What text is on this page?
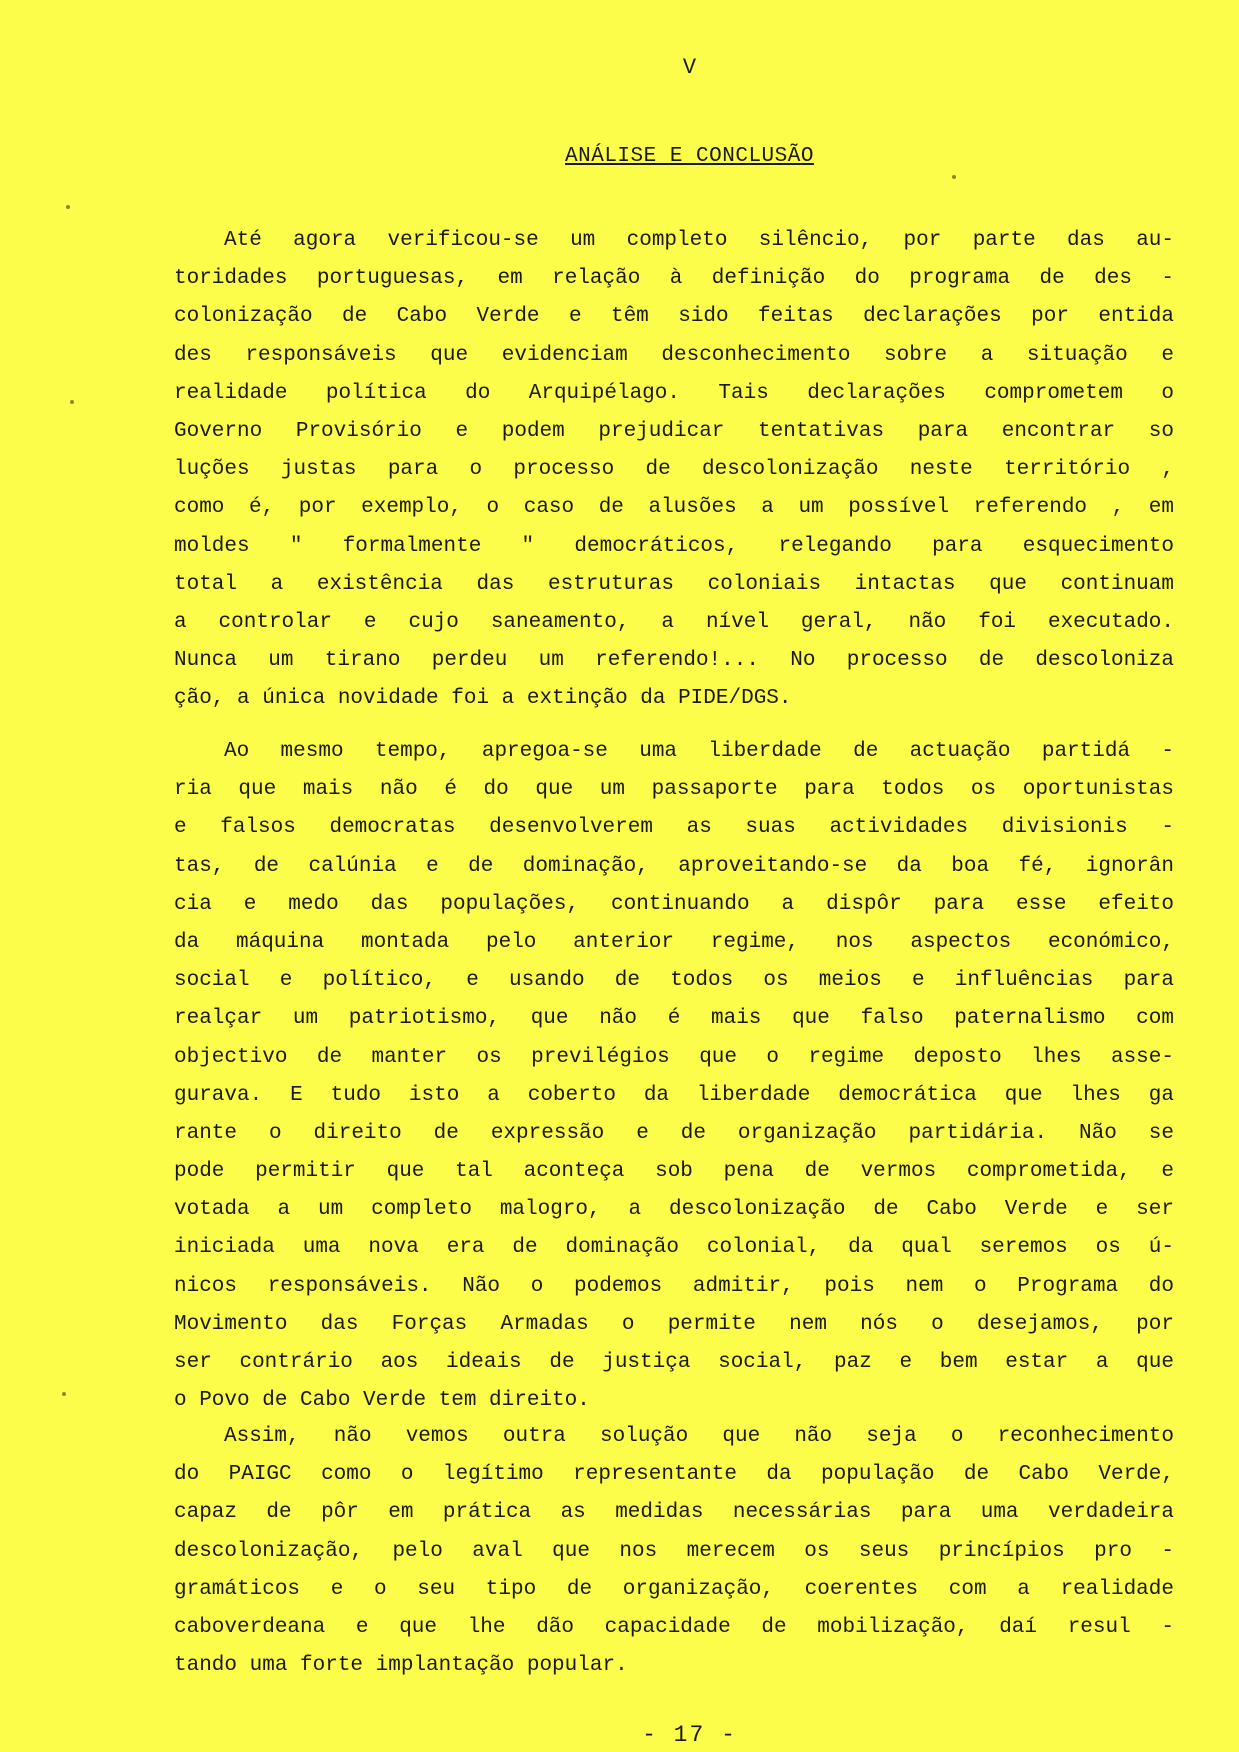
V
ANÁLISE E CONCLUSÃO
Até agora verificou-se um completo silêncio, por parte das au-
toridades portuguesas, em relação à definição do programa de des -
colonização de Cabo Verde e têm sido feitas declarações por entida
des responsáveis que evidenciam desconhecimento sobre a situação e
realidade política do Arquipélago. Tais declarações comprometem o
Governo Provisório e podem prejudicar tentativas para encontrar so
luções justas para o processo de descolonização neste território ,
como é, por exemplo, o caso de alusões a um possível referendo , em
moldes " formalmente " democráticos, relegando para esquecimento
total a existência das estruturas coloniais intactas que continuam
a controlar e cujo saneamento, a nível geral, não foi executado.
Nunca um tirano perdeu um referendo!... No processo de descoloniza
ção, a única novidade foi a extinção da PIDE/DGS.
Ao mesmo tempo, apregoa-se uma liberdade de actuação partidá -
ria que mais não é do que um passaporte para todos os oportunistas
e falsos democratas desenvolverem as suas actividades divisionis -
tas, de calúnia e de dominação, aproveitando-se da boa fé, ignorân
cia e medo das populações, continuando a dispôr para esse efeito
da máquina montada pelo anterior regime, nos aspectos económico,
social e político, e usando de todos os meios e influências para
realçar um patriotismo, que não é mais que falso paternalismo com
objectivo de manter os previlégios que o regime deposto lhes asse-
gurava. E tudo isto a coberto da liberdade democrática que lhes ga
rante o direito de expressão e de organização partidária. Não se
pode permitir que tal aconteça sob pena de vermos comprometida, e
votada a um completo malogro, a descolonização de Cabo Verde e ser
iniciada uma nova era de dominação colonial, da qual seremos os ú-
nicos responsáveis. Não o podemos admitir, pois nem o Programa do
Movimento das Forças Armadas o permite nem nós o desejamos, por
ser contrário aos ideais de justiça social, paz e bem estar a que
o Povo de Cabo Verde tem direito.
Assim, não vemos outra solução que não seja o reconhecimento
do PAIGC como o legítimo representante da população de Cabo Verde,
capaz de pôr em prática as medidas necessárias para uma verdadeira
descolonização, pelo aval que nos merecem os seus princípios pro -
gramáticos e o seu tipo de organização, coerentes com a realidade
caboverdeana e que lhe dão capacidade de mobilização, daí resul -
tando uma forte implantação popular.
- 17 -
